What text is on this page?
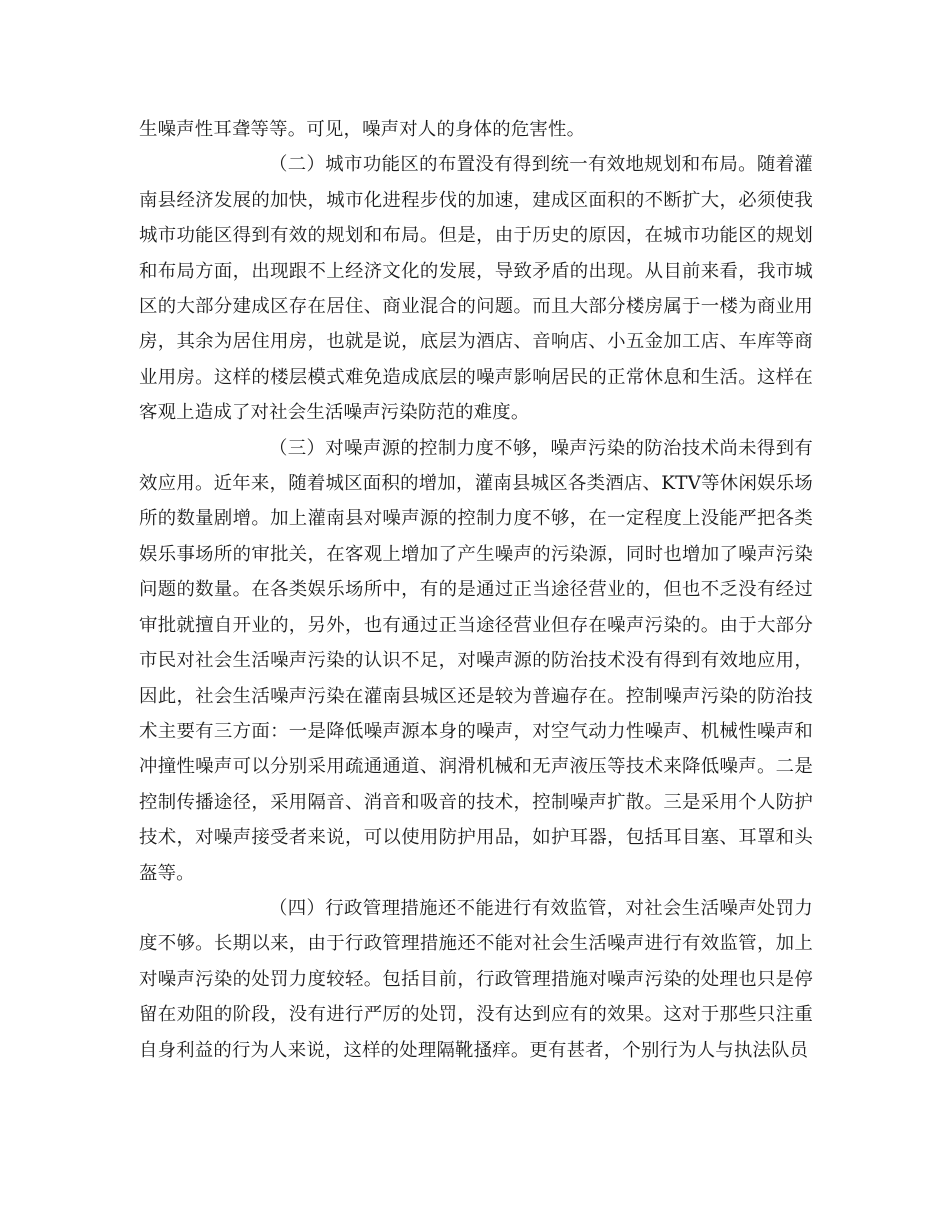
生噪声性耳聋等等。可见，噪声对人的身体的危害性。

（二）城市功能区的布置没有得到统一有效地规划和布局。随着灌南县经济发展的加快，城市化进程步伐的加速，建成区面积的不断扩大，必须使我城市功能区得到有效的规划和布局。但是，由于历史的原因，在城市功能区的规划和布局方面，出现跟不上经济文化的发展，导致矛盾的出现。从目前来看，我市城区的大部分建成区存在居住、商业混合的问题。而且大部分楼房属于一楼为商业用房，其余为居住用房，也就是说，底层为酒店、音响店、小五金加工店、车库等商业用房。这样的楼层模式难免造成底层的噪声影响居民的正常休息和生活。这样在客观上造成了对社会生活噪声污染防范的难度。

（三）对噪声源的控制力度不够，噪声污染的防治技术尚未得到有效应用。近年来，随着城区面积的增加，灌南县城区各类酒店、KTV等休闲娱乐场所的数量剧增。加上灌南县对噪声源的控制力度不够，在一定程度上没能严把各类娱乐事场所的审批关，在客观上增加了产生噪声的污染源，同时也增加了噪声污染问题的数量。在各类娱乐场所中，有的是通过正当途径营业的，但也不乏没有经过审批就擅自开业的，另外，也有通过正当途径营业但存在噪声污染的。由于大部分市民对社会生活噪声污染的认识不足，对噪声源的防治技术没有得到有效地应用，因此，社会生活噪声污染在灌南县城区还是较为普遍存在。控制噪声污染的防治技术主要有三方面：一是降低噪声源本身的噪声，对空气动力性噪声、机械性噪声和冲撞性噪声可以分别采用疏通通道、润滑机械和无声液压等技术来降低噪声。二是控制传播途径，采用隔音、消音和吸音的技术，控制噪声扩散。三是采用个人防护技术，对噪声接受者来说，可以使用防护用品，如护耳器，包括耳目塞、耳罩和头盔等。

（四）行政管理措施还不能进行有效监管，对社会生活噪声处罚力度不够。长期以来，由于行政管理措施还不能对社会生活噪声进行有效监管，加上对噪声污染的处罚力度较轻。包括目前，行政管理措施对噪声污染的处理也只是停留在劝阻的阶段，没有进行严厉的处罚，没有达到应有的效果。这对于那些只注重自身利益的行为人来说，这样的处理隔靴搔痒。更有甚者，个别行为人与执法队员
